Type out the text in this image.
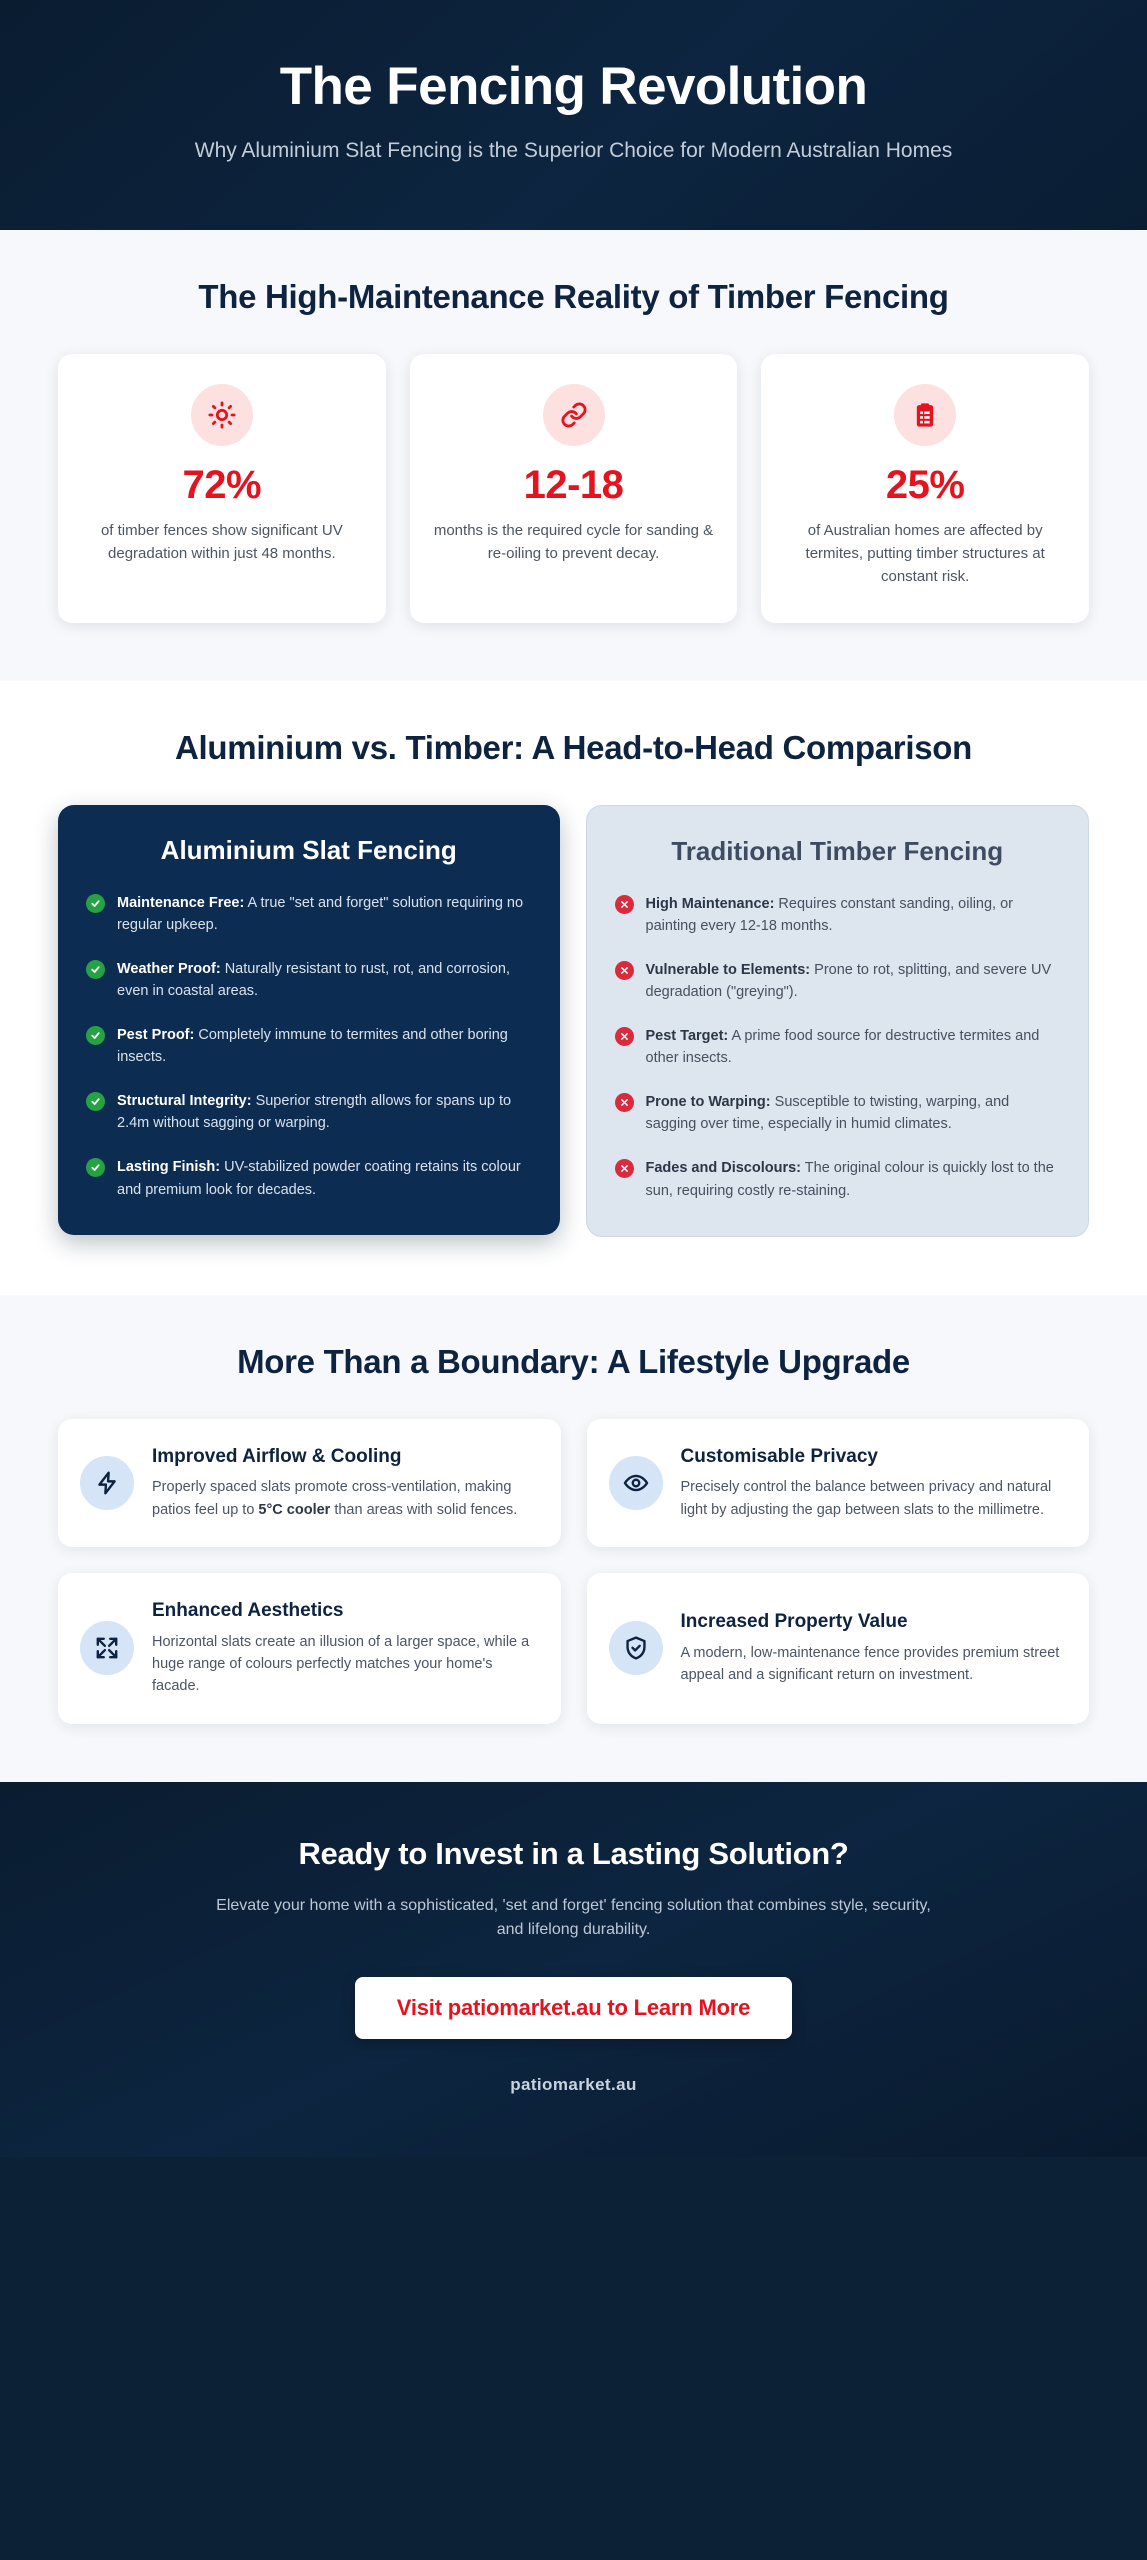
The Fencing Revolution

Why Aluminium Slat Fencing is the Superior Choice for Modern Australian Homes

The High-Maintenance Reality of Timber Fencing
72%
of timber fences show significant UV degradation within just 48 months.
12-18
months is the required cycle for sanding & re-oiling to prevent decay.
25%
of Australian homes are affected by termites, putting timber structures at constant risk.
Aluminium vs. Timber: A Head-to-Head Comparison
Aluminium Slat Fencing
Maintenance Free: A true "set and forget" solution requiring no regular upkeep.
Weather Proof: Naturally resistant to rust, rot, and corrosion, even in coastal areas.
Pest Proof: Completely immune to termites and other boring insects.
Structural Integrity: Superior strength allows for spans up to 2.4m without sagging or warping.
Lasting Finish: UV-stabilized powder coating retains its colour and premium look for decades.
Traditional Timber Fencing
High Maintenance: Requires constant sanding, oiling, or painting every 12-18 months.
Vulnerable to Elements: Prone to rot, splitting, and severe UV degradation ("greying").
Pest Target: A prime food source for destructive termites and other insects.
Prone to Warping: Susceptible to twisting, warping, and sagging over time, especially in humid climates.
Fades and Discolours: The original colour is quickly lost to the sun, requiring costly re-staining.
More Than a Boundary: A Lifestyle Upgrade
Improved Airflow & Cooling
Properly spaced slats promote cross-ventilation, making patios feel up to 5°C cooler than areas with solid fences.
Customisable Privacy
Precisely control the balance between privacy and natural light by adjusting the gap between slats to the millimetre.
Enhanced Aesthetics
Horizontal slats create an illusion of a larger space, while a huge range of colours perfectly matches your home's facade.
Increased Property Value
A modern, low-maintenance fence provides premium street appeal and a significant return on investment.
Ready to Invest in a Lasting Solution?

Elevate your home with a sophisticated, 'set and forget' fencing solution that combines style, security, and lifelong durability.

Visit patiomarket.au to Learn More
patiomarket.au
